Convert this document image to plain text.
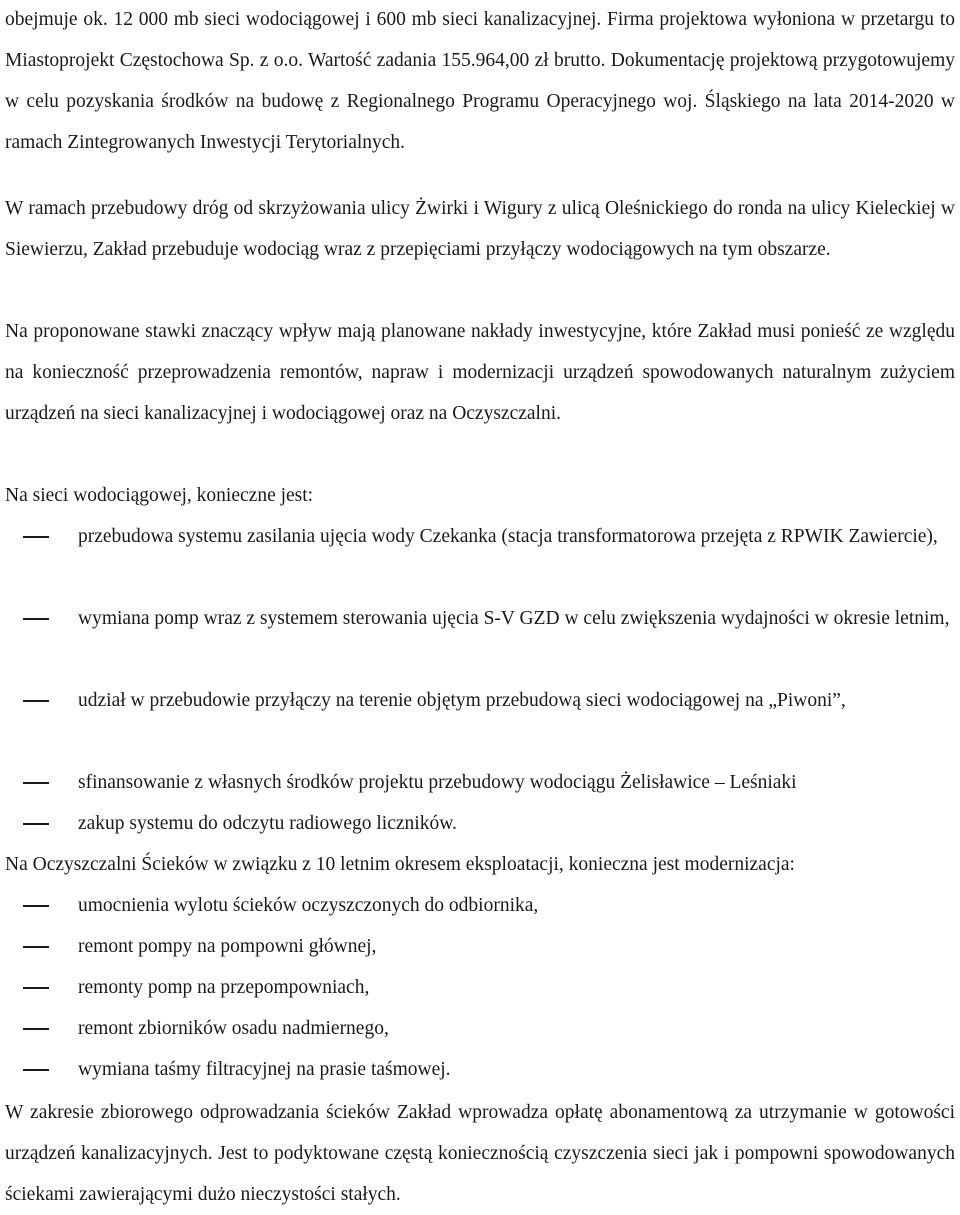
obejmuje ok. 12 000 mb sieci wodociągowej i 600 mb sieci kanalizacyjnej. Firma projektowa wyłoniona w przetargu to Miastoprojekt Częstochowa Sp. z o.o. Wartość zadania 155.964,00 zł brutto. Dokumentację projektową przygotowujemy w celu pozyskania środków na budowę z Regionalnego Programu Operacyjnego woj. Śląskiego na lata 2014-2020 w ramach Zintegrowanych Inwestycji Terytorialnych.

W ramach przebudowy dróg od skrzyżowania ulicy Żwirki i Wigury z ulicą Oleśnickiego do ronda na ulicy Kieleckiej w Siewierzu, Zakład przebuduje wodociąg wraz z przepięciami przyłączy wodociągowych na tym obszarze.

Na proponowane stawki znaczący wpływ mają planowane nakłady inwestycyjne, które Zakład musi ponieść ze względu na konieczność przeprowadzenia remontów, napraw i modernizacji urządzeń spowodowanych naturalnym zużyciem urządzeń na sieci kanalizacyjnej i wodociągowej oraz na Oczyszczalni.

Na sieci wodociągowej, konieczne jest:

przebudowa systemu zasilania ujęcia wody Czekanka (stacja transformatorowa przejęta z RPWIK Zawiercie),
wymiana pomp wraz z systemem sterowania ujęcia S-V GZD w celu zwiększenia wydajności w okresie letnim,
udział w przebudowie przyłączy na terenie objętym przebudową sieci wodociągowej na „Piwoni”,
sfinansowanie z własnych środków projektu przebudowy wodociągu Żelisławice – Leśniaki
zakup systemu do odczytu radiowego liczników.

Na Oczyszczalni Ścieków w związku z 10 letnim okresem eksploatacji, konieczna jest modernizacja:

umocnienia wylotu ścieków oczyszczonych do odbiornika,
remont pompy na pompowni głównej,
remonty pomp na przepompowniach,
remont zbiorników osadu nadmiernego,
wymiana taśmy filtracyjnej na prasie taśmowej.

W zakresie zbiorowego odprowadzania ścieków Zakład wprowadza opłatę abonamentową za utrzymanie w gotowości urządzeń kanalizacyjnych. Jest to podyktowane częstą koniecznością czyszczenia sieci jak i pompowni spowodowanych ściekami zawierającymi dużo nieczystości stałych.
